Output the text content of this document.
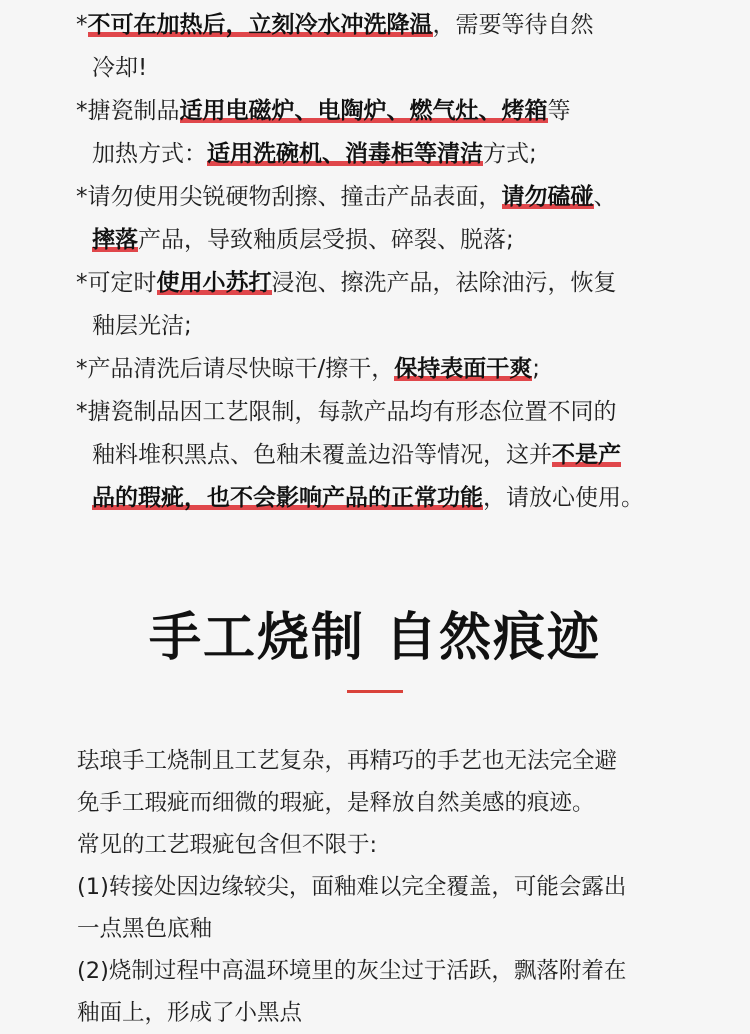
*不可在加热后，立刻冷水冲洗降温，需要等待自然
冷却!
*搪瓷制品适用电磁炉、电陶炉、燃气灶、烤箱等
加热方式：适用洗碗机、消毒柜等清洁方式;
*请勿使用尖锐硬物刮擦、撞击产品表面，请勿磕碰、
摔落产品，导致釉质层受损、碎裂、脱落;
*可定时使用小苏打浸泡、擦洗产品，祛除油污，恢复
釉层光洁;
*产品清洗后请尽快晾干/擦干，保持表面干爽;
*搪瓷制品因工艺限制，每款产品均有形态位置不同的
釉料堆积黑点、色釉未覆盖边沿等情况，这并不是产
品的瑕疵，也不会影响产品的正常功能，请放心使用。
手工烧制 自然痕迹
珐琅手工烧制且工艺复杂，再精巧的手艺也无法完全避
免手工瑕疵而细微的瑕疵，是释放自然美感的痕迹。
常见的工艺瑕疵包含但不限于:
(1)转接处因边缘较尖，面釉难以完全覆盖，可能会露出
一点黑色底釉
(2)烧制过程中高温环境里的灰尘过于活跃，飘落附着在
釉面上，形成了小黑点
